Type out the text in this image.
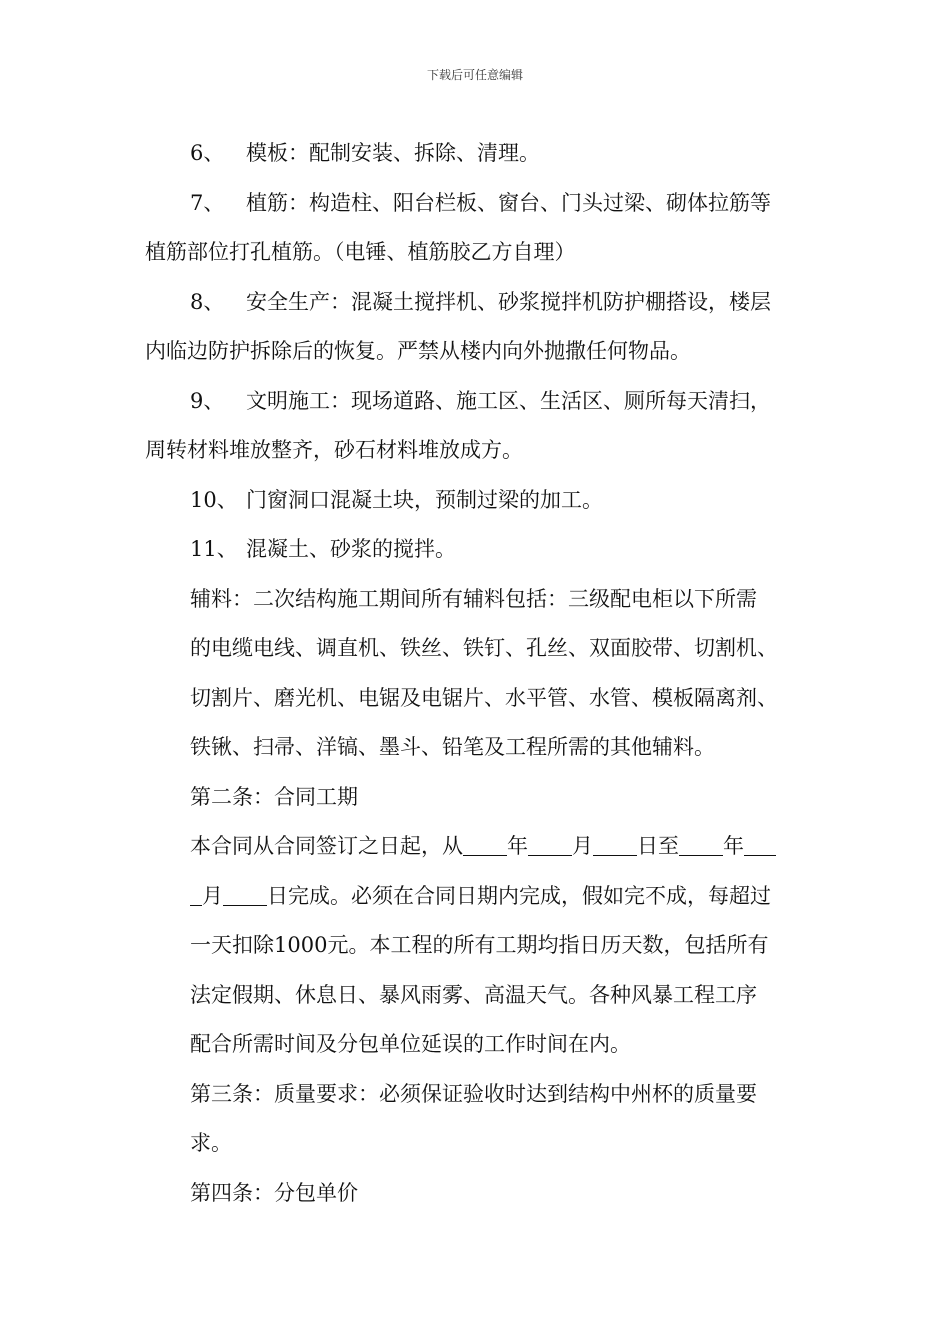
下载后可任意编辑
6、 模板：配制安装、拆除、清理。
7、 植筋：构造柱、阳台栏板、窗台、门头过梁、砌体拉筋等
植筋部位打孔植筋。（电锤、植筋胶乙方自理）
8、 安全生产：混凝土搅拌机、砂浆搅拌机防护棚搭设，楼层
内临边防护拆除后的恢复。严禁从楼内向外抛撒任何物品。
9、 文明施工：现场道路、施工区、生活区、厕所每天清扫，
周转材料堆放整齐，砂石材料堆放成方。
10、 门窗洞口混凝土块，预制过梁的加工。
11、 混凝土、砂浆的搅拌。
辅料：二次结构施工期间所有辅料包括：三级配电柜以下所需
的电缆电线、调直机、铁丝、铁钉、孔丝、双面胶带、切割机、
切割片、磨光机、电锯及电锯片、水平管、水管、模板隔离剂、
铁锹、扫帚、洋镐、墨斗、铅笔及工程所需的其他辅料。
第二条：合同工期
本合同从合同签订之日起，从 年 月 日至 年
月 日完成。必须在合同日期内完成，假如完不成，每超过
一天扣除1000元。本工程的所有工期均指日历天数，包括所有
法定假期、休息日、暴风雨雾、高温天气。各种风暴工程工序
配合所需时间及分包单位延误的工作时间在内。
第三条：质量要求：必须保证验收时达到结构中州杯的质量要
求。
第四条：分包单价
